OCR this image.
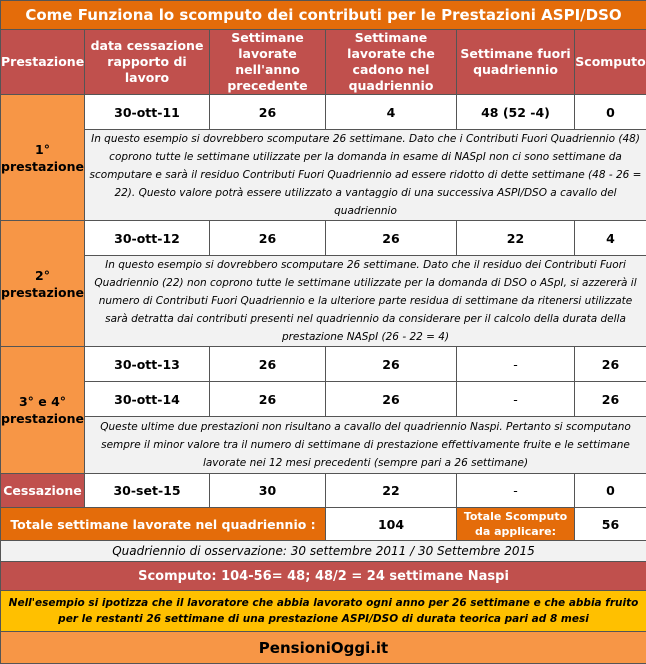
Come Funziona lo scomputo dei contributi per le Prestazioni ASPI/DSO					
Prestazione	data cessazione rapporto di lavoro	Settimane lavorate nell'anno precedente	Settimane lavorate che cadono nel quadriennio	Settimane fuori quadriennio	Scomputo
1° prestazione	30-ott-11	26	4	48 (52 -4)	0
	In questo esempio si dovrebbero scomputare 26 settimane. Dato che i Contributi Fuori Quadriennio (48) coprono tutte le settimane utilizzate per la domanda in esame di NASpI non ci sono settimane da scomputare e sarà il residuo Contributi Fuori Quadriennio ad essere ridotto di dette settimane (48 - 26 = 22). Questo valore potrà essere utilizzato a vantaggio di una successiva ASPI/DSO a cavallo del quadriennio				
2° prestazione	30-ott-12	26	26	22	4
	In questo esempio si dovrebbero scomputare 26 settimane. Dato che il residuo dei Contributi Fuori Quadriennio (22) non coprono tutte le settimane utilizzate per la domanda di DSO o ASpI, si azzererà il numero di Contributi Fuori Quadriennio e la ulteriore parte residua di settimane da ritenersi utilizzate sarà detratta dai contributi presenti nel quadriennio da considerare per il calcolo della durata della prestazione NASpI (26 - 22 = 4)				
3° e 4° prestazione	30-ott-13	26	26	-	26
	30-ott-14	26	26	-	26
	Queste ultime due prestazioni non risultano a cavallo del quadriennio Naspi. Pertanto si scomputano sempre il minor valore tra il numero di settimane di prestazione effettivamente fruite e le settimane lavorate nei 12 mesi precedenti (sempre pari a 26 settimane)				
Cessazione	30-set-15	30	22	-	0
Totale settimane lavorate nel quadriennio :			104	Totale Scomputo da applicare:	56
Quadriennio di osservazione: 30 settembre 2011 / 30 Settembre 2015					
Scomputo: 104-56= 48; 48/2 = 24 settimane Naspi					
Nell'esempio si ipotizza che il lavoratore che abbia lavorato ogni anno per 26 settimane e che abbia fruito per le restanti 26 settimane di una prestazione ASPI/DSO di durata teorica pari ad 8 mesi					
PensioniOggi.it					
